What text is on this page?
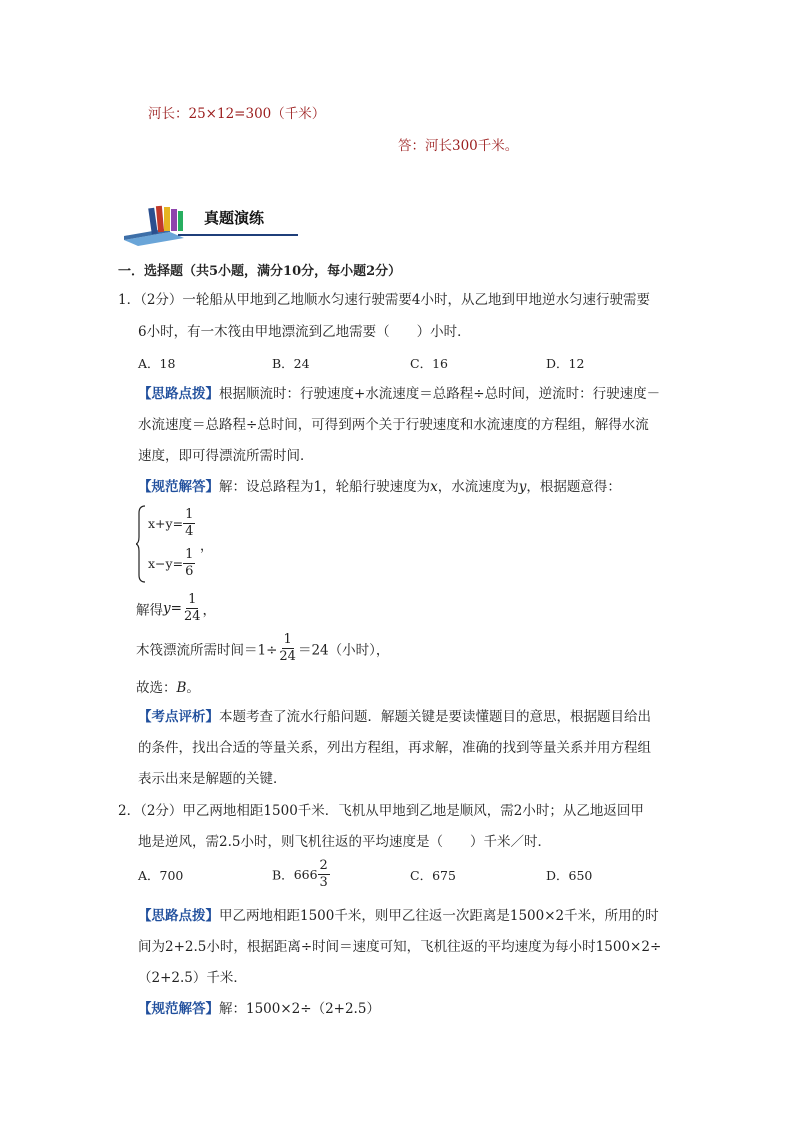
河长：25×12=300（千米）
答：河长300千米。
真题演练
一．选择题（共5小题，满分10分，每小题2分）
1．（2分）一轮船从甲地到乙地顺水匀速行驶需要4小时，从乙地到甲地逆水匀速行驶需要
6小时，有一木筏由甲地漂流到乙地需要（　　）小时．
A．18	B．24	C．16	D．12
【思路点拨】根据顺流时：行驶速度+水流速度＝总路程÷总时间，逆流时：行驶速度－
水流速度＝总路程÷总时间，可得到两个关于行驶速度和水流速度的方程组，解得水流
速度，即可得漂流所需时间．
【规范解答】解：设总路程为1，轮船行驶速度为x，水流速度为y，根据题意得：
$x+y= \frac{1}{4}$
$x-y= \frac{1}{6}$
，
解得$y= \frac{1}{24}$ ，
木筏漂流所需时间$=1\div \frac{1}{24} =24$（小时），
故选：B。
【考点评析】本题考查了流水行船问题．解题关键是要读懂题目的意思，根据题目给出
的条件，找出合适的等量关系，列出方程组，再求解，准确的找到等量关系并用方程组
表示出来是解题的关键．
2．（2分）甲乙两地相距1500千米．飞机从甲地到乙地是顺风，需2小时；从乙地返回甲
地是逆风，需2.5小时，则飞机往返的平均速度是（　　）千米／时．
A．700	B．$666 \frac{2}{3}$	C．675	D．650
【思路点拨】甲乙两地相距1500千米，则甲乙往返一次距离是1500×2千米，所用的时
间为2+2.5小时，根据距离÷时间＝速度可知，飞机往返的平均速度为每小时1500×2÷
（2+2.5）千米．
【规范解答】解：1500×2÷（2+2.5）
